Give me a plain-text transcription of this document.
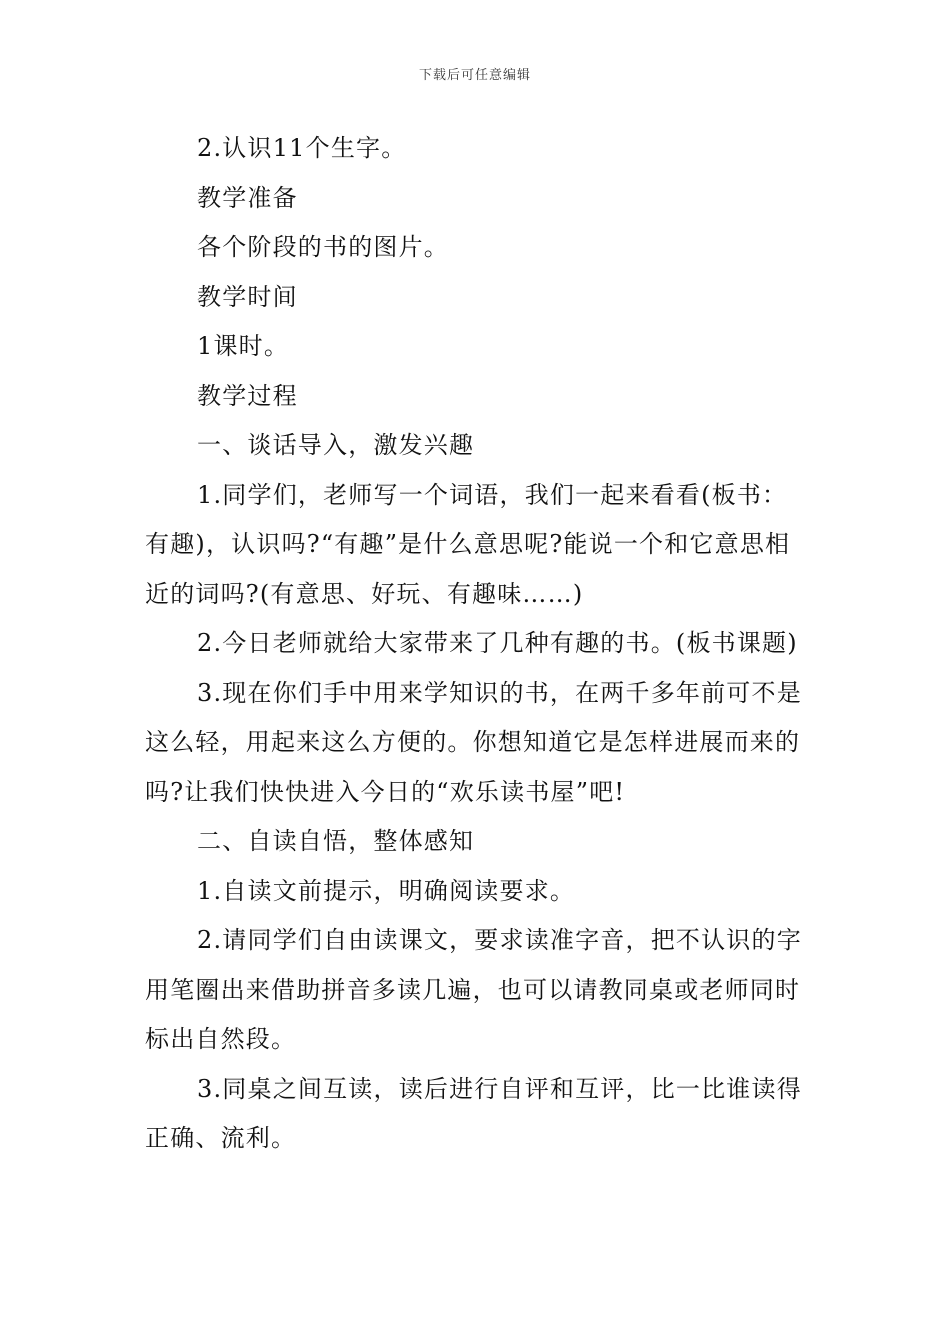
下载后可任意编辑

2.认识11个生字。

教学准备

各个阶段的书的图片。

教学时间

1课时。

教学过程

一、谈话导入，激发兴趣

1.同学们，老师写一个词语，我们一起来看看(板书：有趣)，认识吗?“有趣”是什么意思呢?能说一个和它意思相近的词吗?(有意思、好玩、有趣味……)

2.今日老师就给大家带来了几种有趣的书。(板书课题)

3.现在你们手中用来学知识的书，在两千多年前可不是这么轻，用起来这么方便的。你想知道它是怎样进展而来的吗?让我们快快进入今日的“欢乐读书屋”吧!

二、自读自悟，整体感知

1.自读文前提示，明确阅读要求。

2.请同学们自由读课文，要求读准字音，把不认识的字用笔圈出来借助拼音多读几遍，也可以请教同桌或老师同时标出自然段。

3.同桌之间互读，读后进行自评和互评，比一比谁读得正确、流利。
